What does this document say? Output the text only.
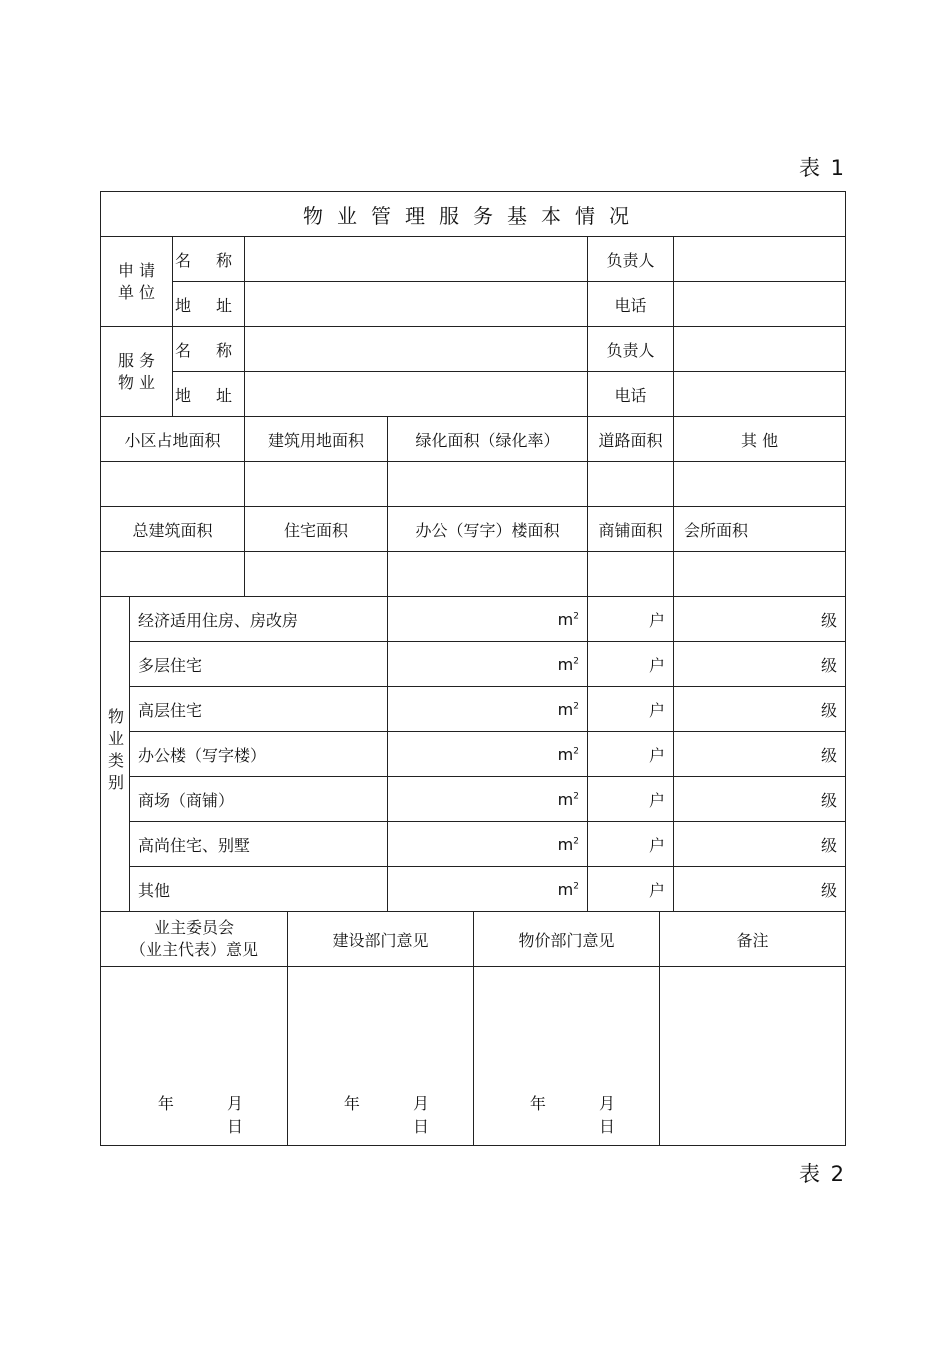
表 1
物业管理服务基本情况						

申 请
单 位		名 称			负责人	
		地 址			电话	

服 务
物 业		名 称			负责人	
		地 址			电话	
小区占地面积			建筑用地面积	绿化面积（绿化率）	道路面积	其 他

总建筑面积			住宅面积	办公（写字）楼面积	商铺面积	会所面积

物业类别	经济适用住房、房改房			$m^2$	户	级
	多层住宅			$m^2$	户	级
	高层住宅			$m^2$	户	级
	办公楼（写字楼）			$m^2$	户	级
	商场（商铺）			$m^2$	户	级
	高尚住宅、别墅			$m^2$	户	级
	其他			$m^2$	户	级
业主委员会
（业主代表）意见	建设部门意见	物价部门意见	备注
年 月 日	年 月 日	年 月 日	
表 2
